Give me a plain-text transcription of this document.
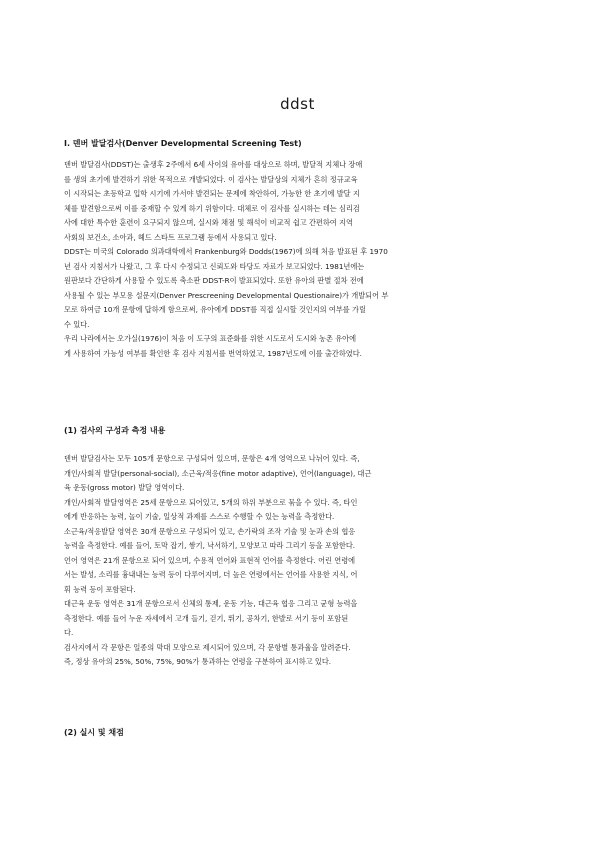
ddst
Ⅰ. 덴버 발달검사(Denver Developmental Screening Test)
덴버 발달검사(DDST)는 출생후 2주에서 6세 사이의 유아를 대상으로 하며, 발달적 지체나 장애
를 생의 초기에 발견하기 위한 목적으로 개발되었다. 이 검사는 발달상의 지체가 흔히 정규교육
이 시작되는 초등학교 입학 시기에 가서야 발견되는 문제에 착안하여, 가능한 한 초기에 발달 지
체를 발견함으로써 이를 중재할 수 있게 하기 위함이다. 대체로 이 검사를 실시하는 데는 심리검
사에 대한 특수한 훈련이 요구되지 않으며, 실시와 채점 및 해석이 비교적 쉽고 간편하여 지역
사회의 보건소, 소아과, 헤드 스타트 프로그램 등에서 사용되고 있다.
DDST는 미국의 Colorado 의과대학에서 Frankenburg와 Dodds(1967)에 의해 처음 발표된 후 1970
년 검사 지침서가 나왔고, 그 후 다시 수정되고 신뢰도와 타당도 자료가 보고되었다. 1981년에는
원판보다 간단하게 사용할 수 있도록 축소판 DDST-R이 발표되었다. 또한 유아의 판별 절차 전에
사용될 수 있는 부모용 설문지(Denver Prescreening Developmental Questionaire)가 개발되어 부
모로 하여금 10개 문항에 답하게 함으로써, 유아에게 DDST를 직접 실시할 것인지의 여부를 가릴
수 있다.
우리 나라에서는 오가실(1976)이 처음 이 도구의 표준화를 위한 시도로서 도시와 농촌 유아에
게 사용하여 가능성 여부를 확인한 후 검사 지침서를 번역하였고, 1987년도에 이를 출간하였다.
(1) 검사의 구성과 측정 내용
덴버 발달검사는 모두 105개 문항으로 구성되어 있으며, 문항은 4개 영역으로 나뉘어 있다. 즉,
개인/사회적 발달(personal-social), 소근육/적응(fine motor adaptive), 언어(language), 대근
육 운동(gross motor) 발달 영역이다.
개인/사회적 발달영역은 25세 문항으로 되어있고, 5개의 하위 부분으로 묶을 수 있다. 즉, 타인
에게 반응하는 능력, 놀이 기술, 일상적 과제를 스스로 수행할 수 있는 능력을 측정한다.
소근육/적응발달 영역은 30개 문항으로 구성되어 있고, 손가락의 조작 기술 및 눈과 손의 협응
능력을 측정한다. 예를 들어, 토막 잡기, 쌓기, 낙서하기, 모양보고 따라 그리기 등을 포함한다.
언어 영역은 21개 문항으로 되어 있으며, 수용적 언어와 표현적 언어를 측정한다. 어린 연령에
서는 발성, 소리를 흉내내는 능력 등이 다루어지며, 더 높은 연령에서는 언어를 사용한 지식, 어
휘 능력 등이 포함된다.
대근육 운동 영역은 31개 문항으로서 신체의 통제, 운동 기능, 대근육 협응 그리고 균형 능력을
측정한다. 예를 들어 누운 자세에서 고개 들기, 걷기, 뛰기, 공차기, 한발로 서기 등이 포함된
다.
검사지에서 각 문항은 일종의 막대 모양으로 제시되어 있으며, 각 문항별 통과율을 알려준다.
즉, 정상 유아의 25%, 50%, 75%, 90%가 통과하는 연령을 구분하여 표시하고 있다.
(2) 실시 및 채점
